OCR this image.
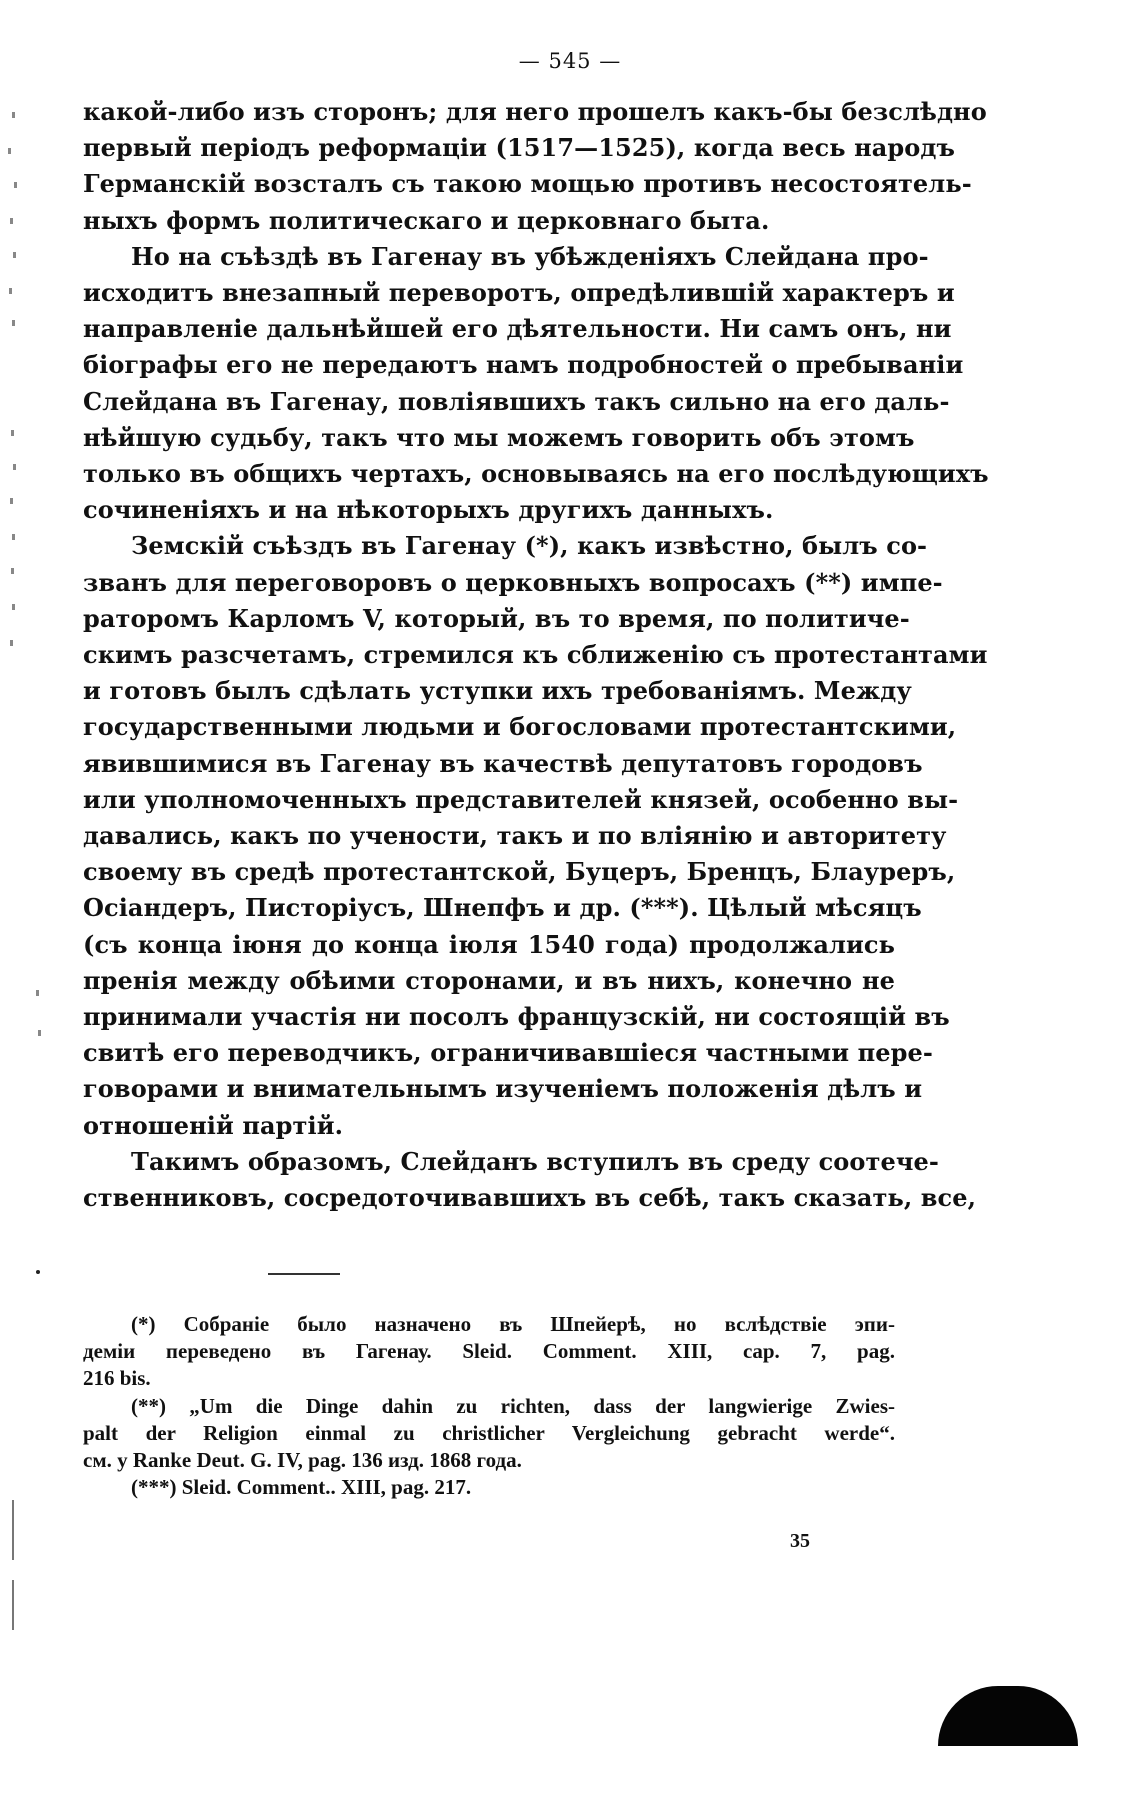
— 545 —
какой-либо изъ сторонъ; для него прошелъ какъ-бы безслѣдно
первый періодъ реформаціи (1517—1525), когда весь народъ
Германскій возсталъ съ такою мощью противъ несостоятель-
ныхъ формъ политическаго и церковнаго быта.
Но на съѣздѣ въ Гагенау въ убѣжденіяхъ Слейдана про-
исходитъ внезапный переворотъ, опредѣлившій характеръ и
направленіе дальнѣйшей его дѣятельности. Ни самъ онъ, ни
біографы его не передаютъ намъ подробностей о пребываніи
Слейдана въ Гагенау, повліявшихъ такъ сильно на его даль-
нѣйшую судьбу, такъ что мы можемъ говорить объ этомъ
только въ общихъ чертахъ, основываясь на его послѣдующихъ
сочиненіяхъ и на нѣкоторыхъ другихъ данныхъ.
Земскій съѣздъ въ Гагенау (*), какъ извѣстно, былъ со-
званъ для переговоровъ о церковныхъ вопросахъ (**) импе-
раторомъ Карломъ V, который, въ то время, по политиче-
скимъ разсчетамъ, стремился къ сближенію съ протестантами
и готовъ былъ сдѣлать уступки ихъ требованіямъ. Между
государственными людьми и богословами протестантскими,
явившимися въ Гагенау въ качествѣ депутатовъ городовъ
или уполномоченныхъ представителей князей, особенно вы-
давались, какъ по учености, такъ и по вліянію и авторитету
своему въ средѣ протестантской, Буцеръ, Бренцъ, Блауреръ,
Осіандеръ, Писторіусъ, Шнепфъ и др. (***). Цѣлый мѣсяцъ
(съ конца іюня до конца іюля 1540 года) продолжались
пренія между обѣими сторонами, и въ нихъ, конечно не
принимали участія ни посолъ французскій, ни состоящій въ
свитѣ его переводчикъ, ограничивавшіеся частными пере-
говорами и внимательнымъ изученіемъ положенія дѣлъ и
отношеній партій.
Такимъ образомъ, Слейданъ вступилъ въ среду соотече-
ственниковъ, сосредоточивавшихъ въ себѣ, такъ сказать, все,
(*) Собраніе было назначено въ Шпейерѣ, но вслѣдствіе эпи-
деміи переведено въ Гагенау. Sleid. Comment. XIII, cap. 7, pag.
216 bis.
(**) „Um die Dinge dahin zu richten, dass der langwierige Zwies-
palt der Religion einmal zu christlicher Vergleichung gebracht werde“.
см. у Ranke Deut. G. IV, pag. 136 изд. 1868 года.
(***) Sleid. Comment.. XIII, pag. 217.
35
